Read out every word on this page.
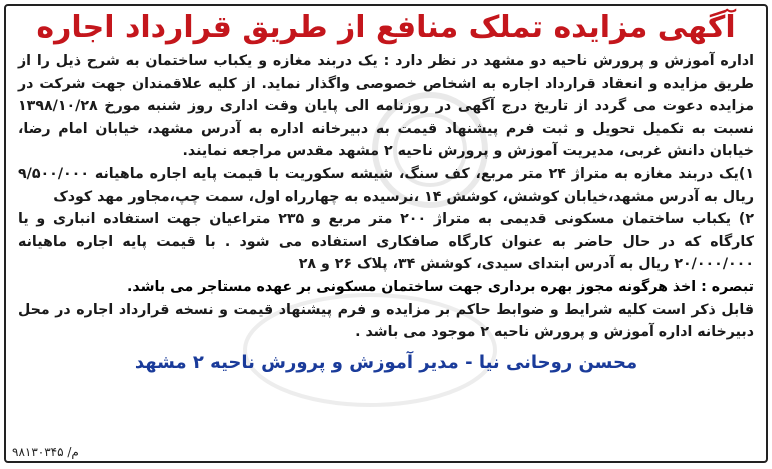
آگهی مزایده تملک منافع از طریق قرارداد اجاره

اداره آموزش و پرورش ناحیه دو مشهد در نظر دارد : یک دربند مغازه و یکباب ساختمان به شرح ذیل را از طریق مزایده و انعقاد قرارداد اجاره به اشخاص خصوصی واگذار نماید. از کلیه علاقمندان جهت شرکت در مزایده دعوت می گردد از تاریخ درج آگهی در روزنامه الی پایان وقت اداری روز شنبه مورخ ۱۳۹۸/۱۰/۲۸ نسبت به تکمیل تحویل و ثبت فرم پیشنهاد قیمت به دبیرخانه اداره به آدرس مشهد، خیابان امام رضا، خیابان دانش غربی، مدیریت آموزش و پرورش ناحیه ۲ مشهد مقدس مراجعه نمایند.

۱)یک دربند مغازه به متراژ ۲۴ متر مربع، کف سنگ، شیشه سکوریت با قیمت پایه اجاره ماهیانه ۹/۵۰۰/۰۰۰ ریال به آدرس مشهد،خیابان کوشش، کوشش ۱۴ ،نرسیده به چهارراه اول، سمت چپ،مجاور مهد کودک

۲) یکباب ساختمان مسکونی قدیمی به متراژ ۲۰۰ متر مربع و ۲۳۵ متراعیان جهت استفاده انباری و یا کارگاه که در حال حاضر به عنوان کارگاه صافکاری استفاده می شود . با قیمت پایه اجاره ماهیانه ۲۰/۰۰۰/۰۰۰ ریال به آدرس ابتدای سیدی، کوشش ۳۴، پلاک ۲۶ و ۲۸

تبصره : اخذ هرگونه مجوز بهره برداری جهت ساختمان مسکونی بر عهده مستاجر می باشد.

قابل ذکر است کلیه شرایط و ضوابط حاکم بر مزایده و فرم پیشنهاد قیمت و نسخه قرارداد اجاره در محل دبیرخانه اداره آموزش و پرورش ناحیه ۲ موجود می باشد .

محسن روحانی نیا - مدیر آموزش و پرورش ناحیه ۲ مشهد
۹۸۱۳۰۳۴۵ /م
